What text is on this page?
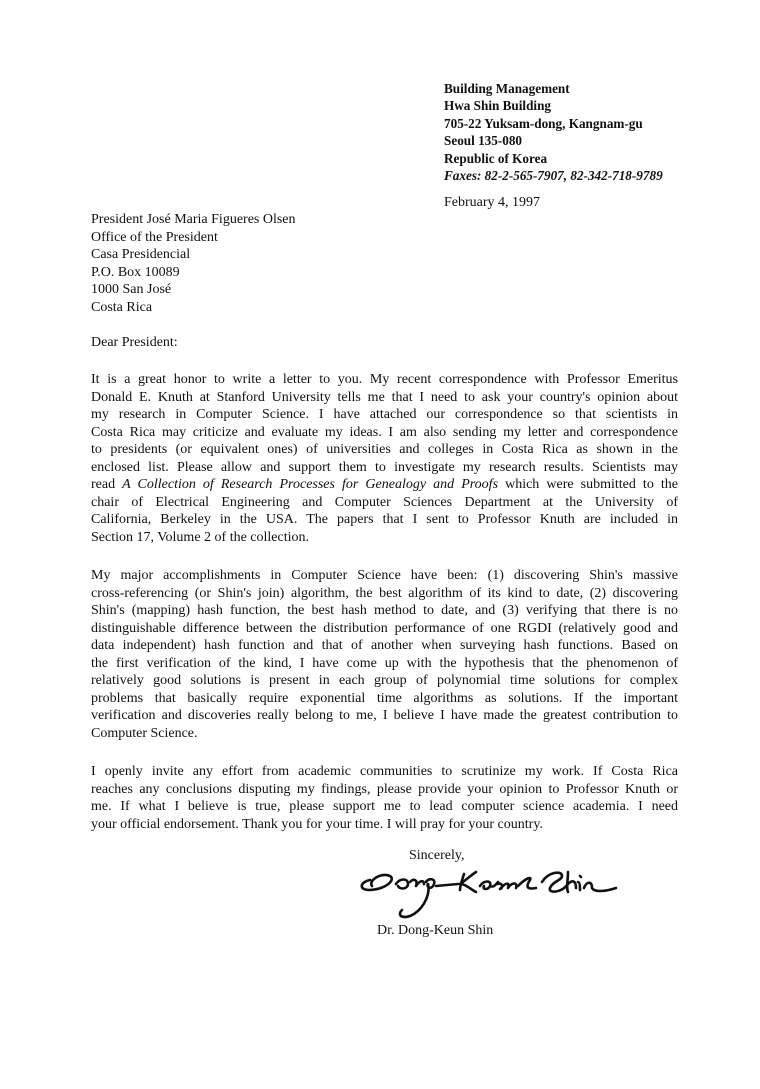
Building Management
Hwa Shin Building
705-22 Yuksam-dong, Kangnam-gu
Seoul 135-080
Republic of Korea
Faxes: 82-2-565-7907, 82-342-718-9789
February 4, 1997
President José Maria Figueres Olsen
Office of the President
Casa Presidencial
P.O. Box 10089
1000 San José
Costa Rica
Dear President:
It is a great honor to write a letter to you. My recent correspondence with Professor Emeritus
Donald E. Knuth at Stanford University tells me that I need to ask your country's opinion about
my research in Computer Science. I have attached our correspondence so that scientists in
Costa Rica may criticize and evaluate my ideas. I am also sending my letter and correspondence
to presidents (or equivalent ones) of universities and colleges in Costa Rica as shown in the
enclosed list. Please allow and support them to investigate my research results. Scientists may
read A Collection of Research Processes for Genealogy and Proofs which were submitted to the
chair of Electrical Engineering and Computer Sciences Department at the University of
California, Berkeley in the USA. The papers that I sent to Professor Knuth are included in
Section 17, Volume 2 of the collection.
My major accomplishments in Computer Science have been: (1) discovering Shin's massive
cross-referencing (or Shin's join) algorithm, the best algorithm of its kind to date, (2) discovering
Shin's (mapping) hash function, the best hash method to date, and (3) verifying that there is no
distinguishable difference between the distribution performance of one RGDI (relatively good and
data independent) hash function and that of another when surveying hash functions. Based on
the first verification of the kind, I have come up with the hypothesis that the phenomenon of
relatively good solutions is present in each group of polynomial time solutions for complex
problems that basically require exponential time algorithms as solutions. If the important
verification and discoveries really belong to me, I believe I have made the greatest contribution to
Computer Science.
I openly invite any effort from academic communities to scrutinize my work. If Costa Rica
reaches any conclusions disputing my findings, please provide your opinion to Professor Knuth or
me. If what I believe is true, please support me to lead computer science academia. I need
your official endorsement. Thank you for your time. I will pray for your country.
Sincerely,
Dr. Dong-Keun Shin
